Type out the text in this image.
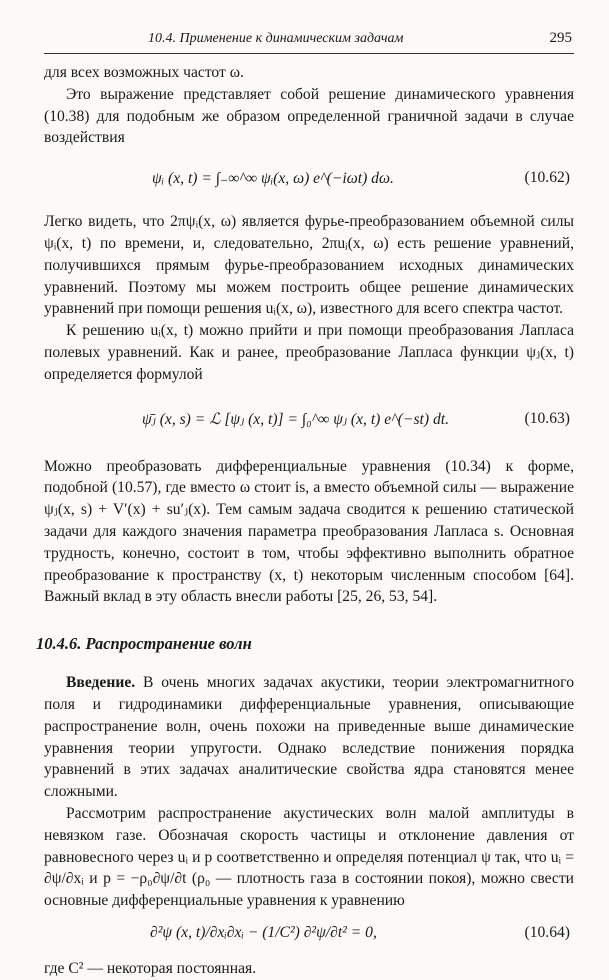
10.4. Применение к динамическим задачам	295

для всех возможных частот ω.

Это выражение представляет собой решение динамического уравнения (10.38) для подобным же образом определенной граничной задачи в случае воздействия

ψᵢ (x, t) = ∫₋∞^∞ ψᵢ(x, ω) e^(−iωt) dω.	(10.62)

Легко видеть, что 2πψᵢ(x, ω) является фурье-преобразованием объемной силы ψᵢ(x, t) по времени, и, следовательно, 2πuᵢ(x, ω) есть решение уравнений, получившихся прямым фурье-преобразованием исходных динамических уравнений. Поэтому мы можем построить общее решение динамических уравнений при помощи решения uᵢ(x, ω), известного для всего спектра частот.

К решению uᵢ(x, t) можно прийти и при помощи преобразования Лапласа полевых уравнений. Как и ранее, преобразование Лапласа функции ψⱼ(x, t) определяется формулой

ψ̄ⱼ (x, s) = ℒ [ψⱼ (x, t)] = ∫₀^∞ ψⱼ (x, t) e^(−st) dt.	(10.63)

Можно преобразовать дифференциальные уравнения (10.34) к форме, подобной (10.57), где вместо ω стоит is, а вместо объемной силы — выражение ψⱼ(x, s) + V′(x) + su′ⱼ(x). Тем самым задача сводится к решению статической задачи для каждого значения параметра преобразования Лапласа s. Основная трудность, конечно, состоит в том, чтобы эффективно выполнить обратное преобразование к пространству (x, t) некоторым численным способом [64]. Важный вклад в эту область внесли работы [25, 26, 53, 54].

10.4.6. Распространение волн

Введение. В очень многих задачах акустики, теории электромагнитного поля и гидродинамики дифференциальные уравнения, описывающие распространение волн, очень похожи на приведенные выше динамические уравнения теории упругости. Однако вследствие понижения порядка уравнений в этих задачах аналитические свойства ядра становятся менее сложными.

Рассмотрим распространение акустических волн малой амплитуды в невязком газе. Обозначая скорость частицы и отклонение давления от равновесного через uᵢ и p соответственно и определяя потенциал ψ так, что uᵢ = ∂ψ/∂xᵢ и p = −ρ₀∂ψ/∂t (ρ₀ — плотность газа в состоянии покоя), можно свести основные дифференциальные уравнения к уравнению

∂²ψ (x, t)/∂xᵢ∂xᵢ − (1/C²) ∂²ψ/∂t² = 0,	(10.64)

где C² — некоторая постоянная.
